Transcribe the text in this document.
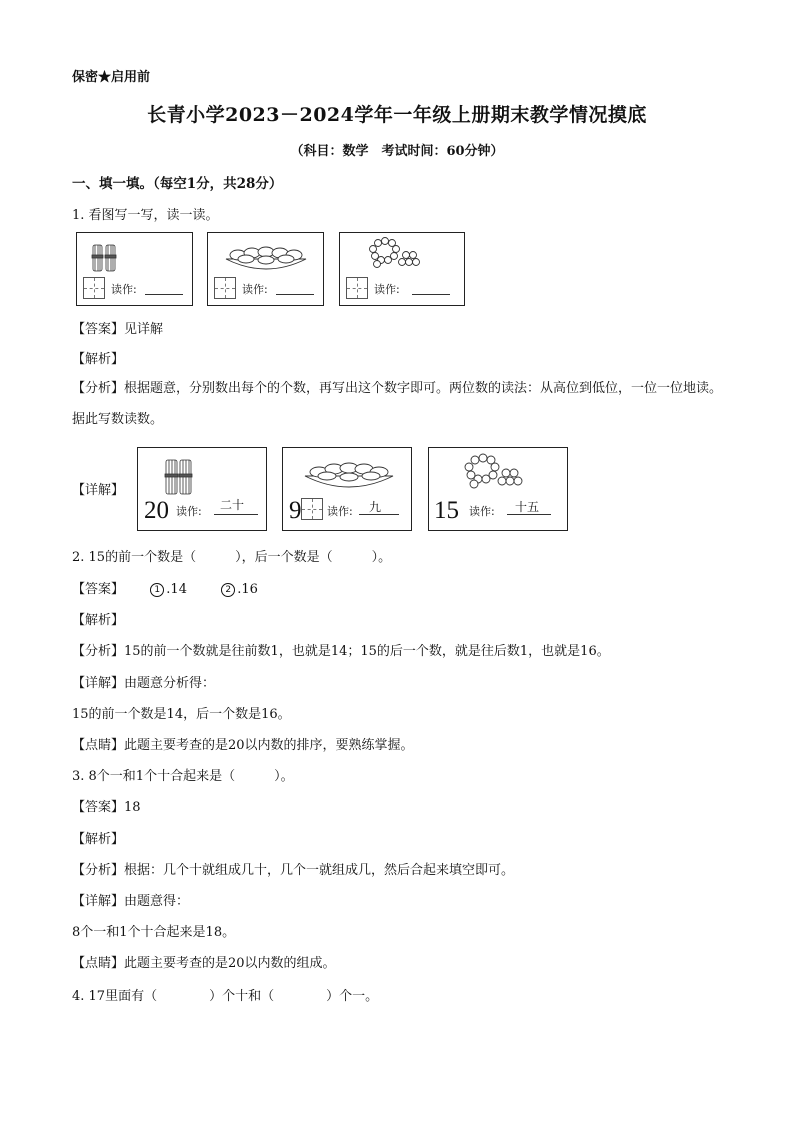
保密★启用前
长青小学2023－2024学年一年级上册期末教学情况摸底
（科目：数学　考试时间：60分钟）
一、填一填。（每空1分，共28分）
1. 看图写一写，读一读。
读作:	读作:	读作:
【答案】见详解
【解析】
【分析】根据题意，分别数出每个的个数，再写出这个数字即可。两位数的读法：从高位到低位，一位一位地读。据此写数读数。
【详解】
20 读作: 二十 9 读作: 九 15 读作: 十五
2. 15的前一个数是（　　　），后一个数是（　　　）。
【答案】	1 .14	2 .16
【解析】
【分析】15的前一个数就是往前数1，也就是14；15的后一个数，就是往后数1，也就是16。
【详解】由题意分析得：
15的前一个数是14，后一个数是16。
【点睛】此题主要考查的是20以内数的排序，要熟练掌握。
3. 8个一和1个十合起来是（　　　）。
【答案】18
【解析】
【分析】根据：几个十就组成几十，几个一就组成几，然后合起来填空即可。
【详解】由题意得：
8个一和1个十合起来是18。
【点睛】此题主要考查的是20以内数的组成。
4. 17里面有（　　　　）个十和（　　　　）个一。
